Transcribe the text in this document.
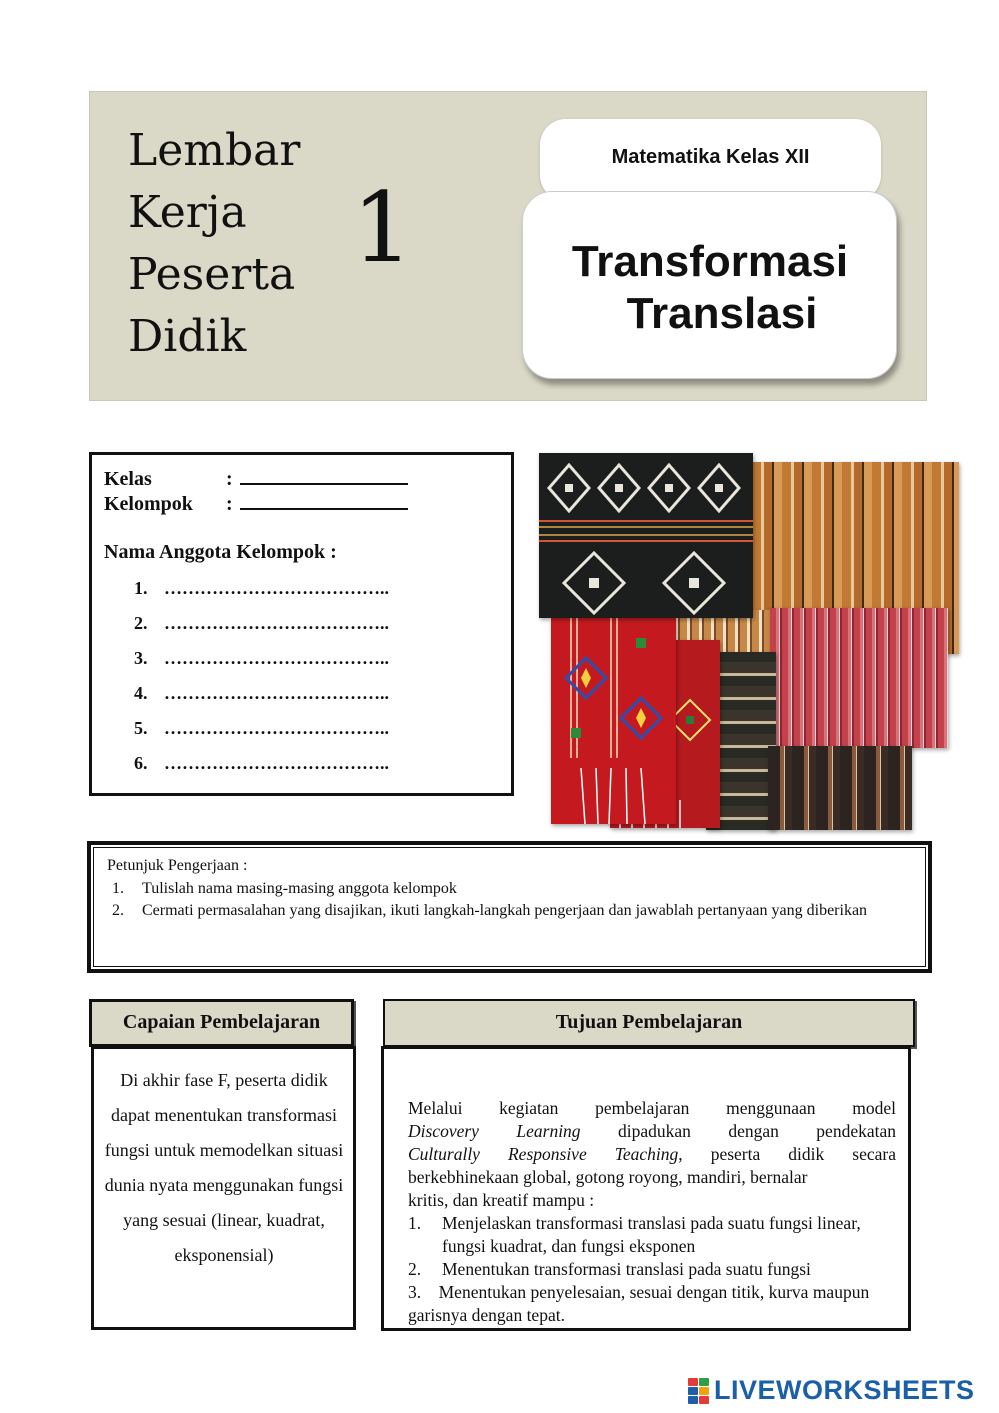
Lembar
Kerja
Peserta
Didik
1
Matematika Kelas XII
Transformasi
Translasi
Kelas	:
Kelompok :
Nama Anggota Kelompok :
1. ………………………………..
2. ………………………………..
3. ………………………………..
4. ………………………………..
5. ………………………………..
6. ………………………………..
Petunjuk Pengerjaan :
1.	Tulislah nama masing-masing anggota kelompok
2.	Cermati permasalahan yang disajikan, ikuti langkah-langkah pengerjaan dan jawablah pertanyaan yang diberikan
Capaian Pembelajaran
Di akhir fase F, peserta didik dapat menentukan transformasi fungsi untuk memodelkan situasi dunia nyata menggunakan fungsi yang sesuai (linear, kuadrat, eksponensial)
Tujuan Pembelajaran
Melalui kegiatan pembelajaran menggunaan model
Discovery Learning dipadukan dengan pendekatan
Culturally Responsive Teaching, peserta didik secara
berkebhinekaan global, gotong royong, mandiri, bernalar
kritis, dan kreatif mampu :
1.	Menjelaskan transformasi translasi pada suatu fungsi linear, fungsi kuadrat, dan fungsi eksponen
2.	Menentukan transformasi translasi pada suatu fungsi
3. Menentukan penyelesaian, sesuai dengan titik, kurva maupun garisnya dengan tepat.
LIVEWORKSHEETS
